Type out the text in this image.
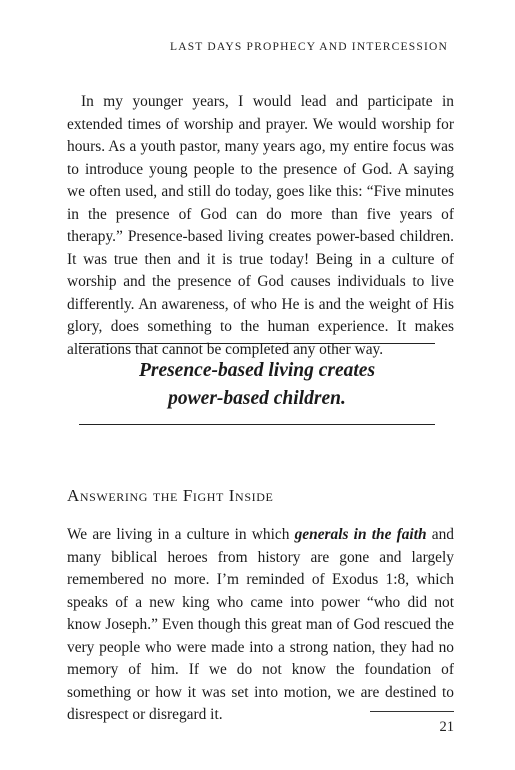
LAST DAYS PROPHECY AND INTERCESSION

In my younger years, I would lead and participate in extended times of worship and prayer. We would worship for hours. As a youth pastor, many years ago, my entire focus was to introduce young people to the presence of God. A saying we often used, and still do today, goes like this: “Five minutes in the presence of God can do more than five years of therapy.” Presence-based living creates power-based children. It was true then and it is true today! Being in a culture of worship and the presence of God causes individuals to live differently. An awareness, of who He is and the weight of His glory, does something to the human experience. It makes alterations that cannot be completed any other way.

Presence-based living creates
power-based children.
Answering the Fight Inside

We are living in a culture in which generals in the faith and many biblical heroes from history are gone and largely remembered no more. I’m reminded of Exodus 1:8, which speaks of a new king who came into power “who did not know Joseph.” Even though this great man of God rescued the very people who were made into a strong nation, they had no memory of him. If we do not know the foundation of something or how it was set into motion, we are destined to disrespect or disregard it.

21
